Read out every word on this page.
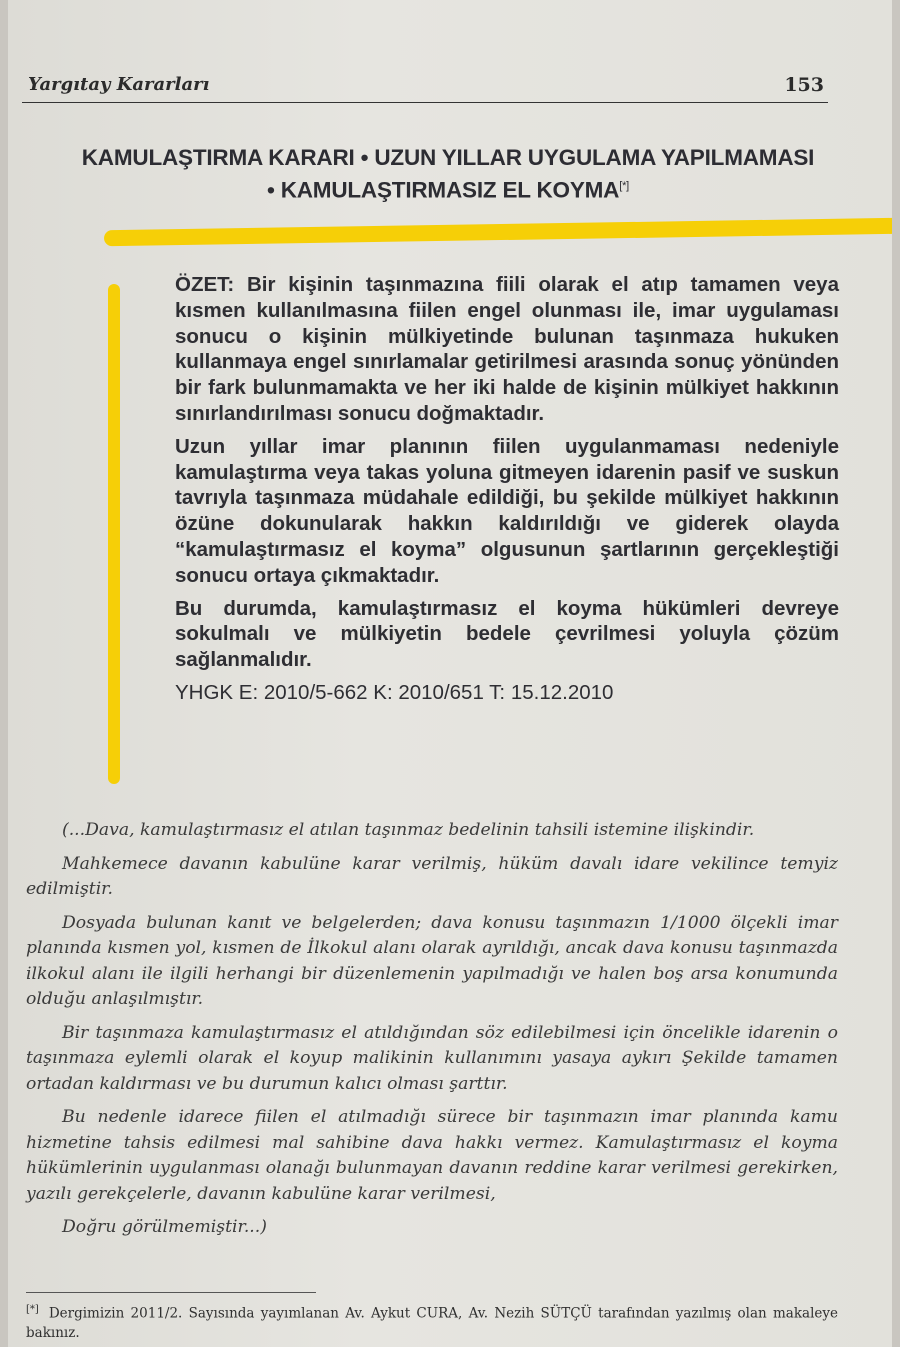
Yargıtay Kararları	153
KAMULAŞTIRMA KARARI • UZUN YILLAR UYGULAMA YAPILMAMASI • KAMULAŞTIRMASIZ EL KOYMA[*]

ÖZET: Bir kişinin taşınmazına fiili olarak el atıp tamamen veya kısmen kullanılmasına fiilen engel olunması ile, imar uygulaması sonucu o kişinin mülkiyetinde bulunan taşınmaza hukuken kullanmaya engel sınırlamalar getirilmesi arasında sonuç yönünden bir fark bulunmamakta ve her iki halde de kişinin mülkiyet hakkının sınırlandırılması sonucu doğmaktadır.

Uzun yıllar imar planının fiilen uygulanmaması nedeniyle kamulaştırma veya takas yoluna gitmeyen idarenin pasif ve suskun tavrıyla taşınmaza müdahale edildiği, bu şekilde mülkiyet hakkının özüne dokunularak hakkın kaldırıldığı ve giderek olayda “kamulaştırmasız el koyma” olgusunun şartlarının gerçekleştiği sonucu ortaya çıkmaktadır.

Bu durumda, kamulaştırmasız el koyma hükümleri devreye sokulmalı ve mülkiyetin bedele çevrilmesi yoluyla çözüm sağlanmalıdır.

YHGK E: 2010/5-662 K: 2010/651 T: 15.12.2010

(...Dava, kamulaştırmasız el atılan taşınmaz bedelinin tahsili istemine ilişkindir.

Mahkemece davanın kabulüne karar verilmiş, hüküm davalı idare vekilince temyiz edilmiştir.

Dosyada bulunan kanıt ve belgelerden; dava konusu taşınmazın 1/1000 ölçekli imar planında kısmen yol, kısmen de İlkokul alanı olarak ayrıldığı, ancak dava konusu taşınmazda ilkokul alanı ile ilgili herhangi bir düzenlemenin yapılmadığı ve halen boş arsa konumunda olduğu anlaşılmıştır.

Bir taşınmaza kamulaştırmasız el atıldığından söz edilebilmesi için öncelikle idarenin o taşınmaza eylemli olarak el koyup malikinin kullanımını yasaya aykırı Şekilde tamamen ortadan kaldırması ve bu durumun kalıcı olması şarttır.

Bu nedenle idarece fiilen el atılmadığı sürece bir taşınmazın imar planında kamu hizmetine tahsis edilmesi mal sahibine dava hakkı vermez. Kamulaştırmasız el koyma hükümlerinin uygulanması olanağı bulunmayan davanın reddine karar verilmesi gerekirken, yazılı gerekçelerle, davanın kabulüne karar verilmesi,

Doğru görülmemiştir...)

[*] Dergimizin 2011/2. Sayısında yayımlanan Av. Aykut CURA, Av. Nezih SÜTÇÜ tarafından yazılmış olan makaleye bakınız.
